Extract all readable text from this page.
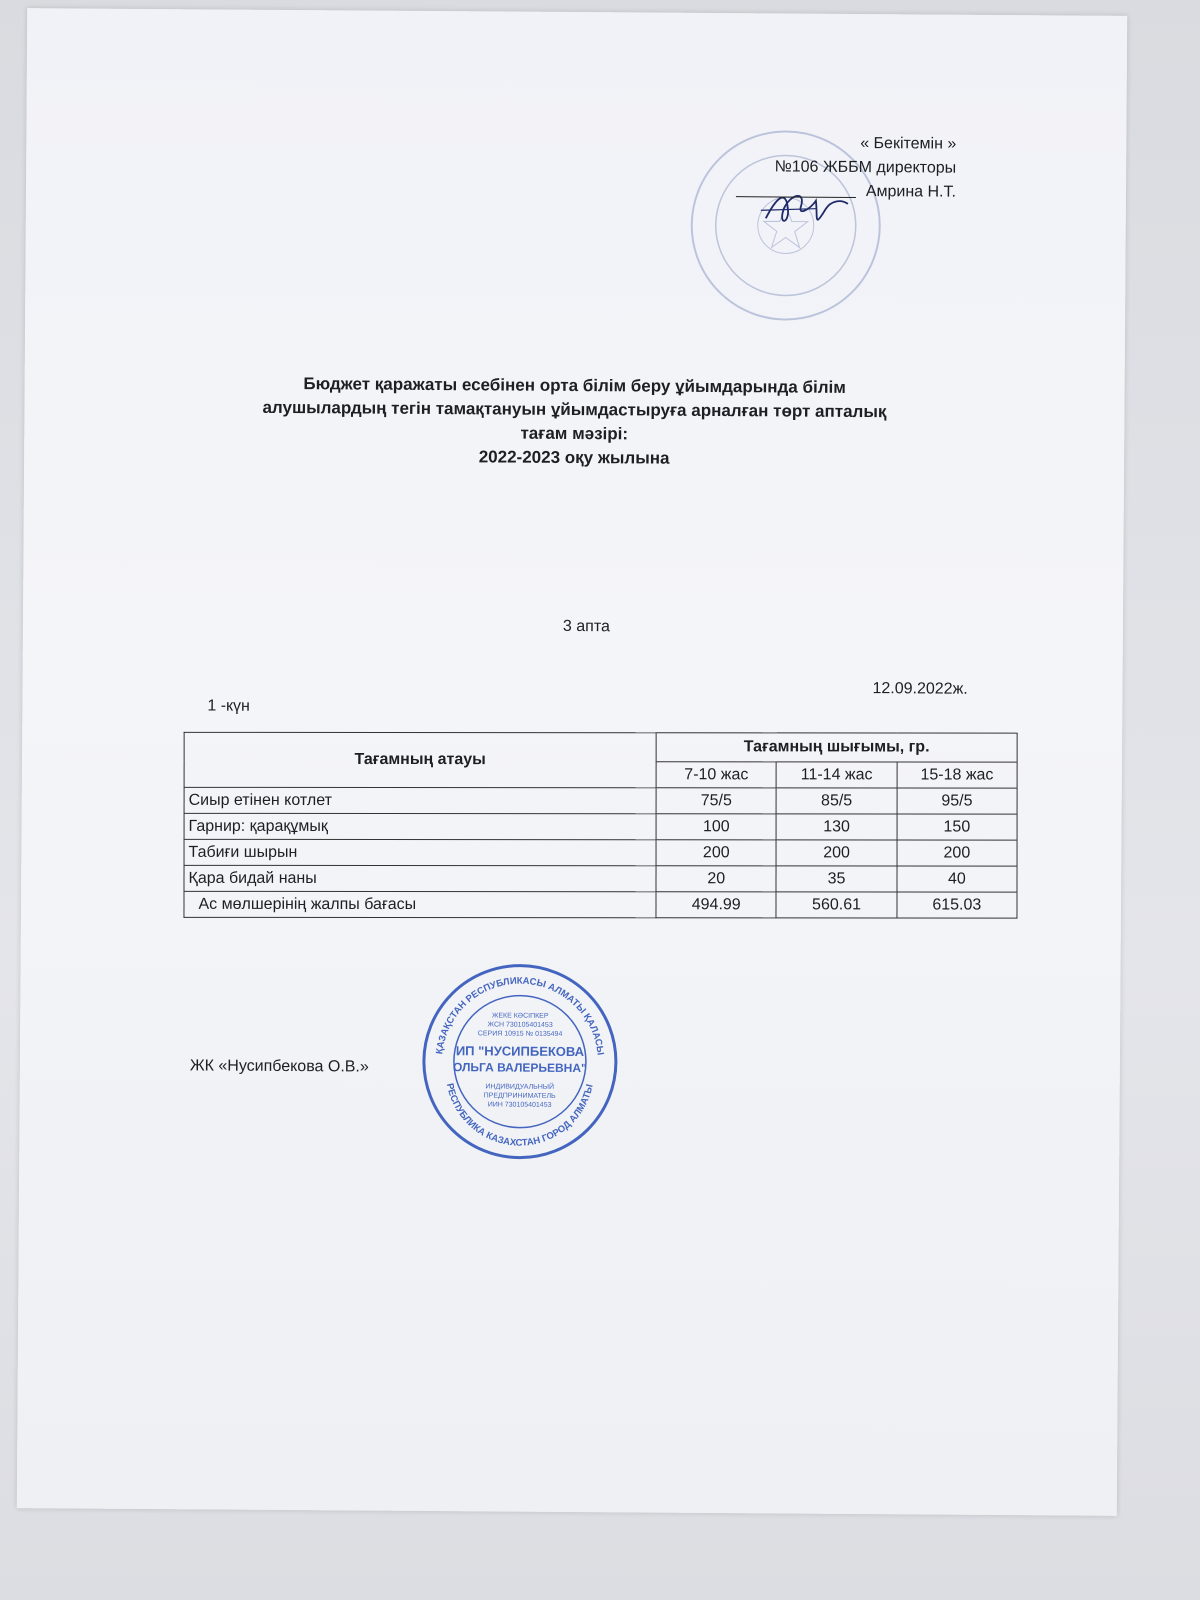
« Бекітемін »
№106 ЖББМ директоры
Амрина Н.Т.
Бюджет қаражаты есебінен орта білім беру ұйымдарында білім
алушылардың тегін тамақтануын ұйымдастыруға арналған төрт апталық
тағам мәзірі:
2022-2023 оқу жылына
3 апта
12.09.2022ж.
1 -күн
Тағамның атауы	Тағамның шығымы, гр.		
	7-10 жас	11-14 жас	15-18 жас
Сиыр етінен котлет	75/5	85/5	95/5
Гарнир: қарақұмық	100	130	150
Табиғи шырын	200	200	200
Қара бидай наны	20	35	40
Ас мөлшерінің жалпы бағасы	494.99	560.61	615.03
ЖК «Нусипбекова О.В.»
ҚАЗАҚСТАН РЕСПУБЛИКАСЫ АЛМАТЫ ҚАЛАСЫ
РЕСПУБЛИКА КАЗАХСТАН ГОРОД АЛМАТЫ
ЖЕКЕ КӘСІПКЕР
ЖСН 730105401453
СЕРИЯ 10915 № 0135494
ИП "НУСИПБЕКОВА
ОЛЬГА ВАЛЕРЬЕВНА"
ИНДИВИДУАЛЬНЫЙ
ПРЕДПРИНИМАТЕЛЬ
ИИН 730105401453
